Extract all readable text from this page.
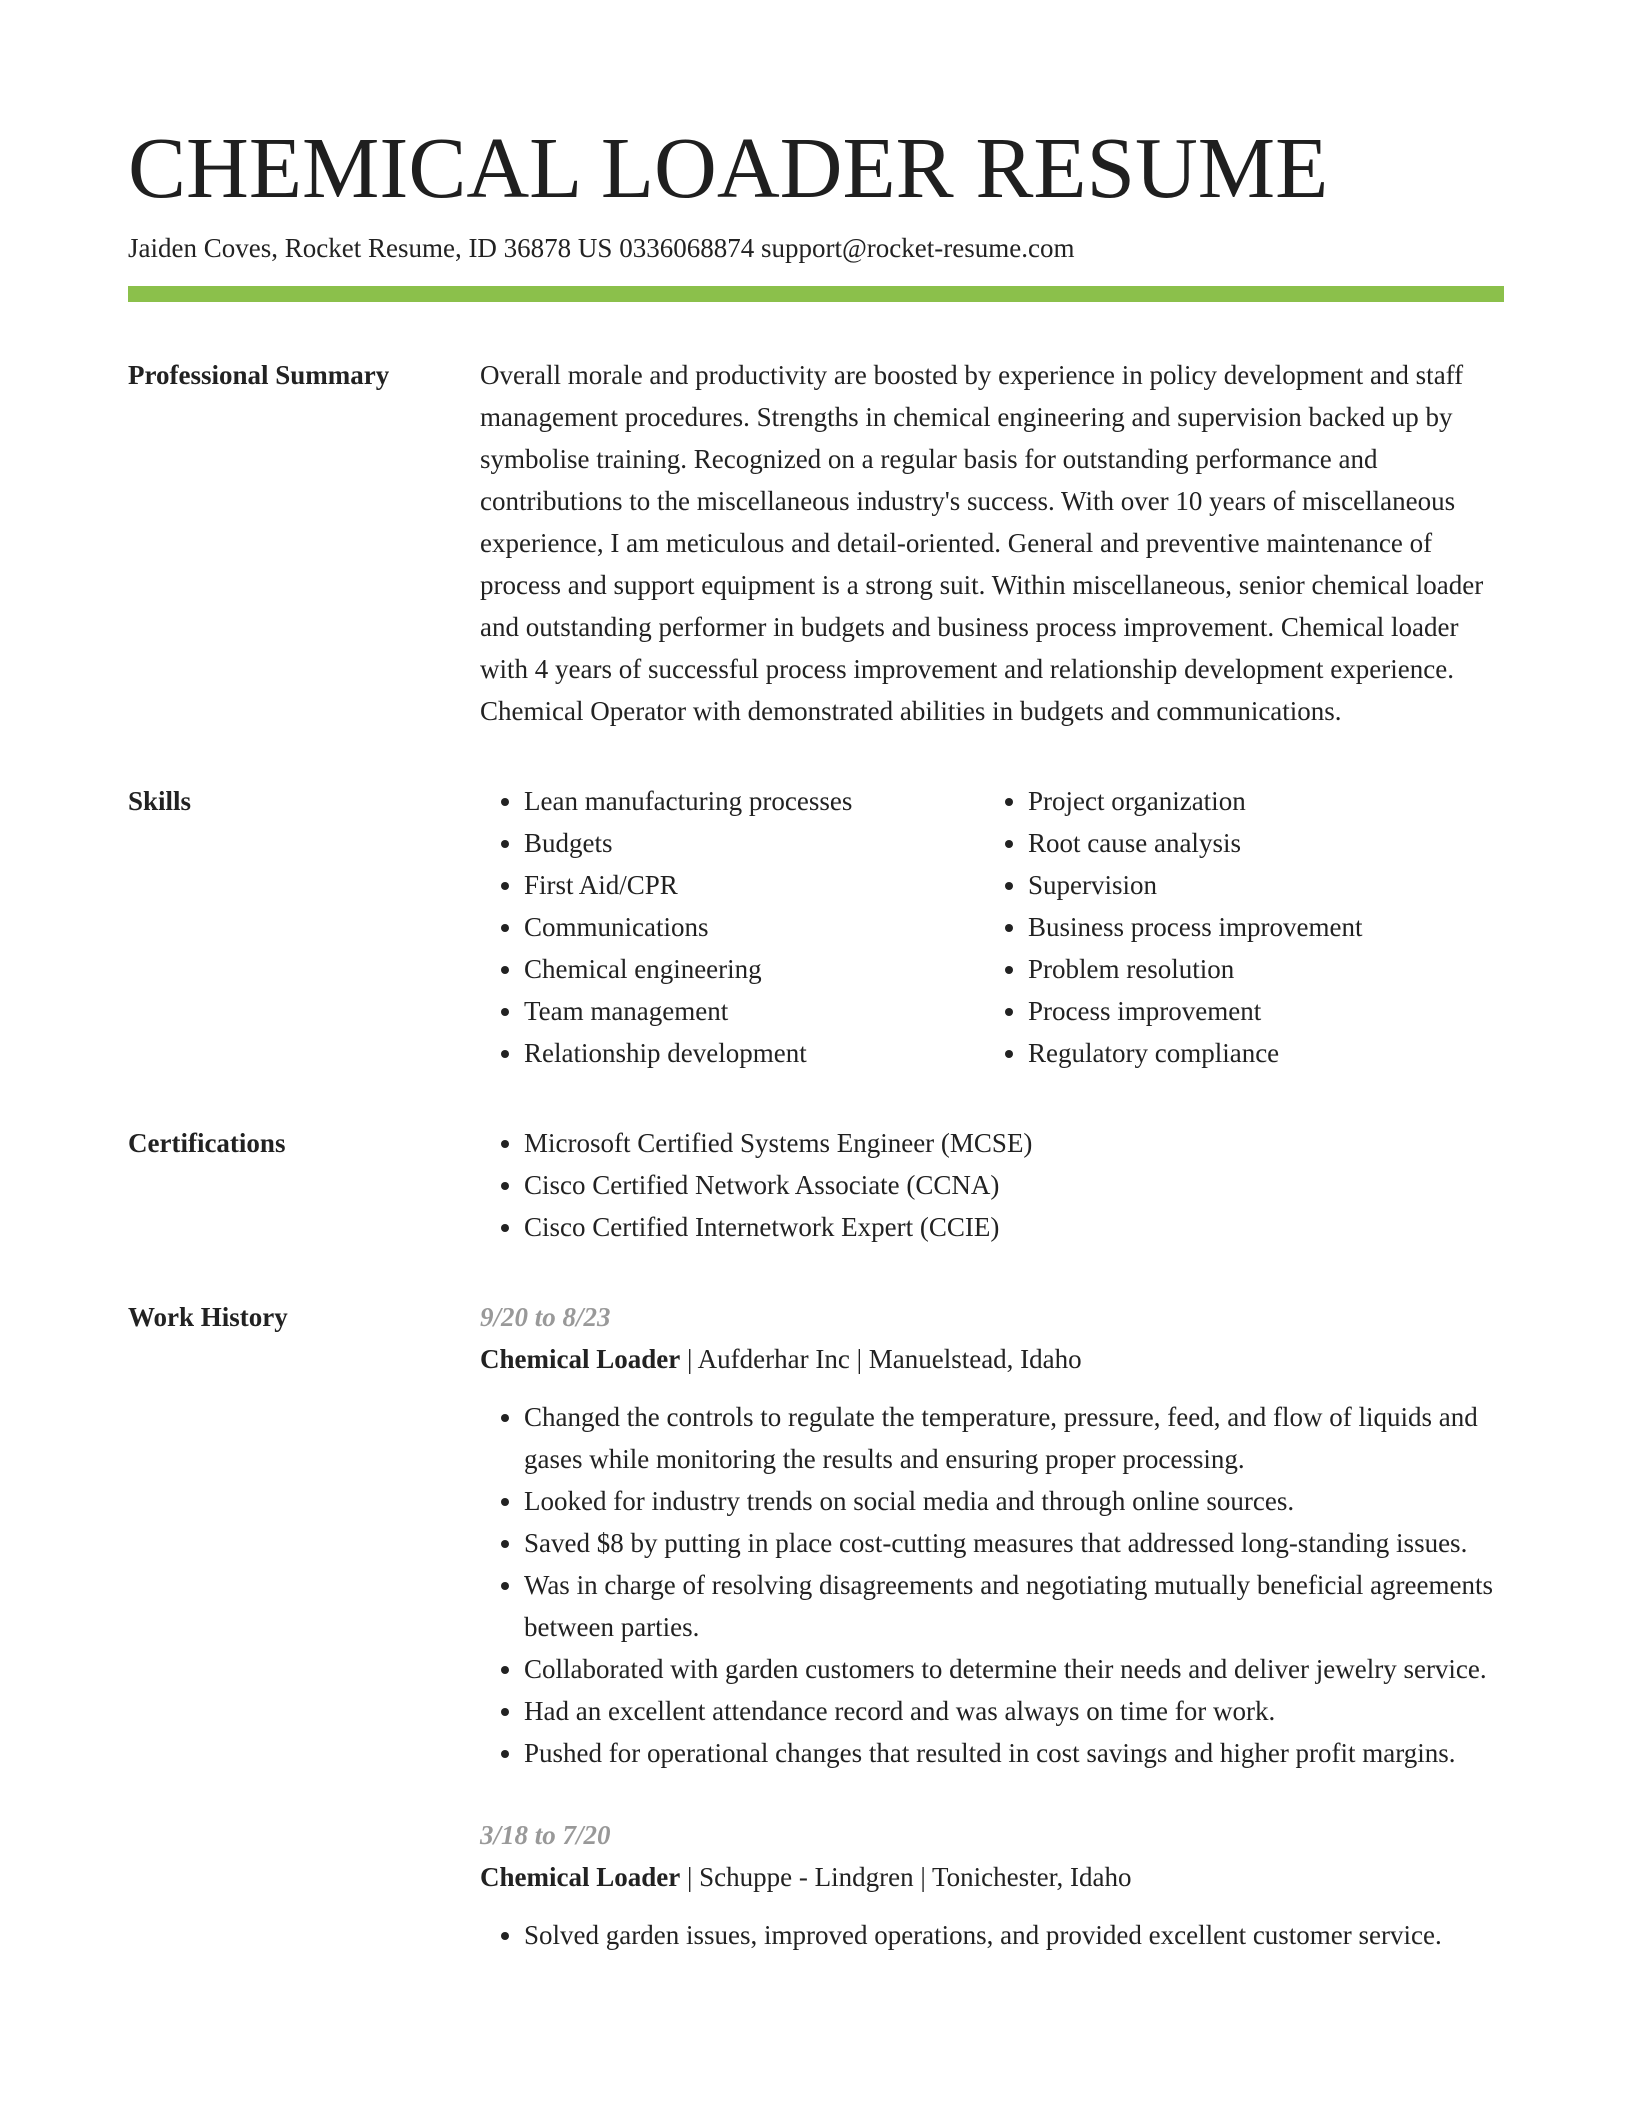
CHEMICAL LOADER RESUME
Jaiden Coves, Rocket Resume, ID 36878 US 0336068874 support@rocket-resume.com
Professional Summary	Overall morale and productivity are boosted by experience in policy development and staff management procedures. Strengths in chemical engineering and supervision backed up by symbolise training. Recognized on a regular basis for outstanding performance and contributions to the miscellaneous industry's success. With over 10 years of miscellaneous experience, I am meticulous and detail-oriented. General and preventive maintenance of process and support equipment is a strong suit. Within miscellaneous, senior chemical loader and outstanding performer in budgets and business process improvement. Chemical loader with 4 years of successful process improvement and relationship development experience. Chemical Operator with demonstrated abilities in budgets and communications.

Skills	• Lean manufacturing processes
• Budgets
• First Aid/CPR
• Communications
• Chemical engineering
• Team management
• Relationship development
• Project organization
• Root cause analysis
• Supervision
• Business process improvement
• Problem resolution
• Process improvement
• Regulatory compliance
Certifications	• Microsoft Certified Systems Engineer (MCSE)
• Cisco Certified Network Associate (CCNA)
• Cisco Certified Internetwork Expert (CCIE)
Work History	9/20 to 8/23
Chemical Loader | Aufderhar Inc | Manuelstead, Idaho
• Changed the controls to regulate the temperature, pressure, feed, and flow of liquids and gases while monitoring the results and ensuring proper processing.
• Looked for industry trends on social media and through online sources.
• Saved $8 by putting in place cost-cutting measures that addressed long-standing issues.
• Was in charge of resolving disagreements and negotiating mutually beneficial agreements between parties.
• Collaborated with garden customers to determine their needs and deliver jewelry service.
• Had an excellent attendance record and was always on time for work.
• Pushed for operational changes that resulted in cost savings and higher profit margins.
3/18 to 7/20
Chemical Loader | Schuppe - Lindgren | Tonichester, Idaho
• Solved garden issues, improved operations, and provided excellent customer service.
